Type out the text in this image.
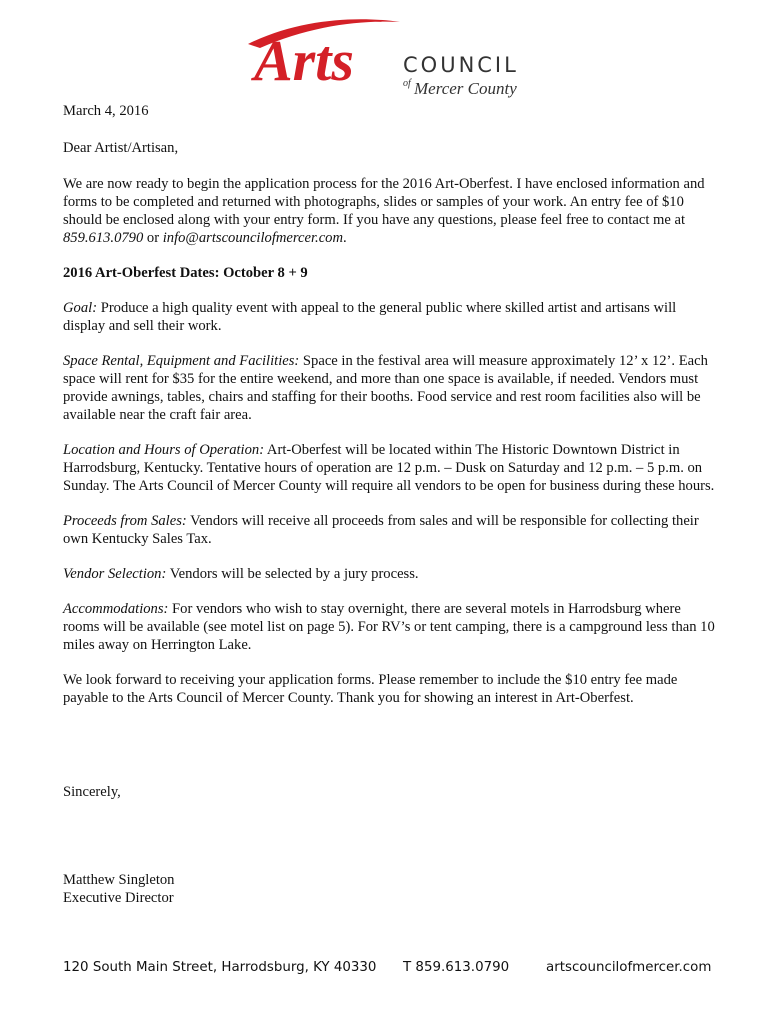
Arts COUNCIL
of Mercer County

March 4, 2016

Dear Artist/Artisan,

We are now ready to begin the application process for the 2016 Art-Oberfest. I have enclosed information and forms to be completed and returned with photographs, slides or samples of your work. An entry fee of $10 should be enclosed along with your entry form. If you have any questions, please feel free to contact me at 859.613.0790 or info@artscouncilofmercer.com.

2016 Art-Oberfest Dates: October 8 + 9

Goal: Produce a high quality event with appeal to the general public where skilled artist and artisans will display and sell their work.

Space Rental, Equipment and Facilities: Space in the festival area will measure approximately 12’ x 12’. Each space will rent for $35 for the entire weekend, and more than one space is available, if needed. Vendors must provide awnings, tables, chairs and staffing for their booths. Food service and rest room facilities also will be available near the craft fair area.

Location and Hours of Operation: Art-Oberfest will be located within The Historic Downtown District in Harrodsburg, Kentucky. Tentative hours of operation are 12 p.m. – Dusk on Saturday and 12 p.m. – 5 p.m. on Sunday. The Arts Council of Mercer County will require all vendors to be open for business during these hours.

Proceeds from Sales: Vendors will receive all proceeds from sales and will be responsible for collecting their own Kentucky Sales Tax.

Vendor Selection: Vendors will be selected by a jury process.

Accommodations: For vendors who wish to stay overnight, there are several motels in Harrodsburg where rooms will be available (see motel list on page 5). For RV’s or tent camping, there is a campground less than 10 miles away on Herrington Lake.

We look forward to receiving your application forms. Please remember to include the $10 entry fee made payable to the Arts Council of Mercer County. Thank you for showing an interest in Art-Oberfest.

Sincerely,
Matthew Singleton
Executive Director
120 South Main Street, Harrodsburg, KY 40330 T 859.613.0790	artscouncilofmercer.com
